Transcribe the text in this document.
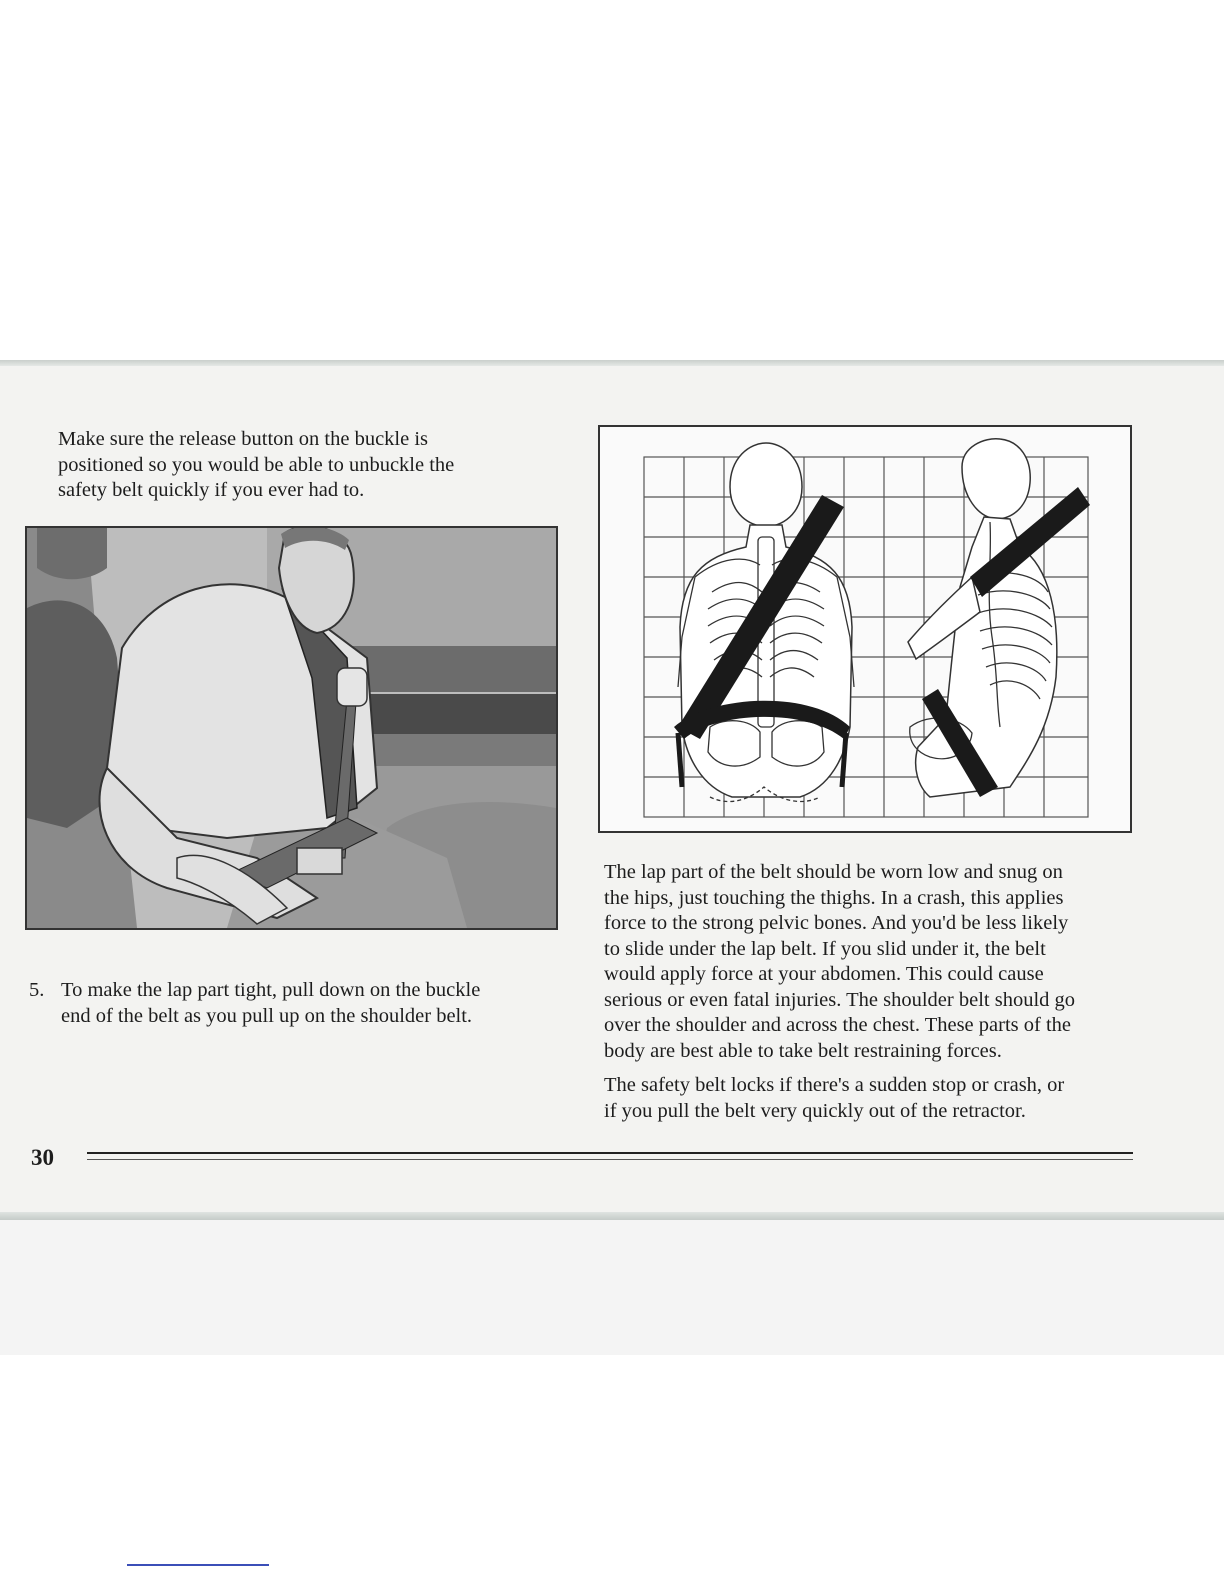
Make sure the release button on the buckle is
positioned so you would be able to unbuckle the
safety belt quickly if you ever had to.

5. To make the lap part tight, pull down on the buckle
end of the belt as you pull up on the shoulder belt.

The lap part of the belt should be worn low and snug on
the hips, just touching the thighs. In a crash, this applies
force to the strong pelvic bones. And you'd be less likely
to slide under the lap belt. If you slid under it, the belt
would apply force at your abdomen. This could cause
serious or even fatal injuries. The shoulder belt should go
over the shoulder and across the chest. These parts of the
body are best able to take belt restraining forces.

The safety belt locks if there's a sudden stop or crash, or
if you pull the belt very quickly out of the retractor.

30
